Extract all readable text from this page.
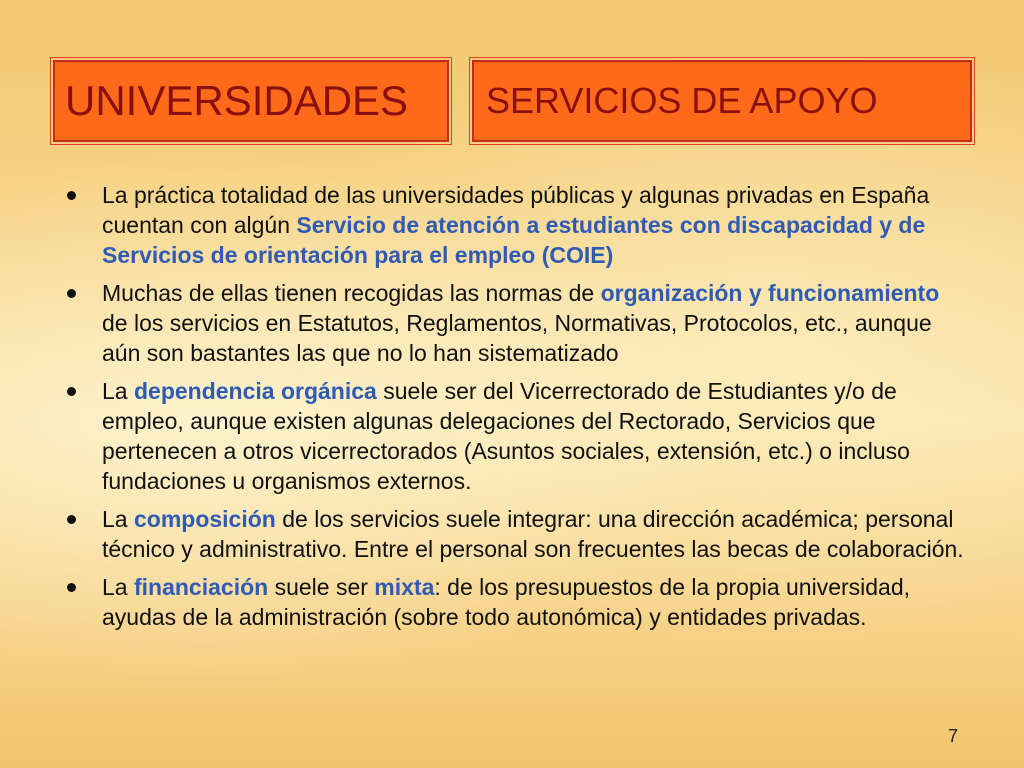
UNIVERSIDADES SERVICIOS DE APOYO
La práctica totalidad de las universidades públicas y algunas privadas en España cuentan con algún Servicio de atención a estudiantes con discapacidad y de Servicios de orientación para el empleo (COIE)
Muchas de ellas tienen recogidas las normas de organización y funcionamiento de los servicios en Estatutos, Reglamentos, Normativas, Protocolos, etc., aunque aún son bastantes las que no lo han sistematizado
La dependencia orgánica suele ser del Vicerrectorado de Estudiantes y/o de empleo, aunque existen algunas delegaciones del Rectorado, Servicios que pertenecen a otros vicerrectorados (Asuntos sociales, extensión, etc.) o incluso fundaciones u organismos externos.
La composición de los servicios suele integrar: una dirección académica; personal técnico y administrativo. Entre el personal son frecuentes las becas de colaboración.
La financiación suele ser mixta: de los presupuestos de la propia universidad, ayudas de la administración (sobre todo autonómica) y entidades privadas.
7
